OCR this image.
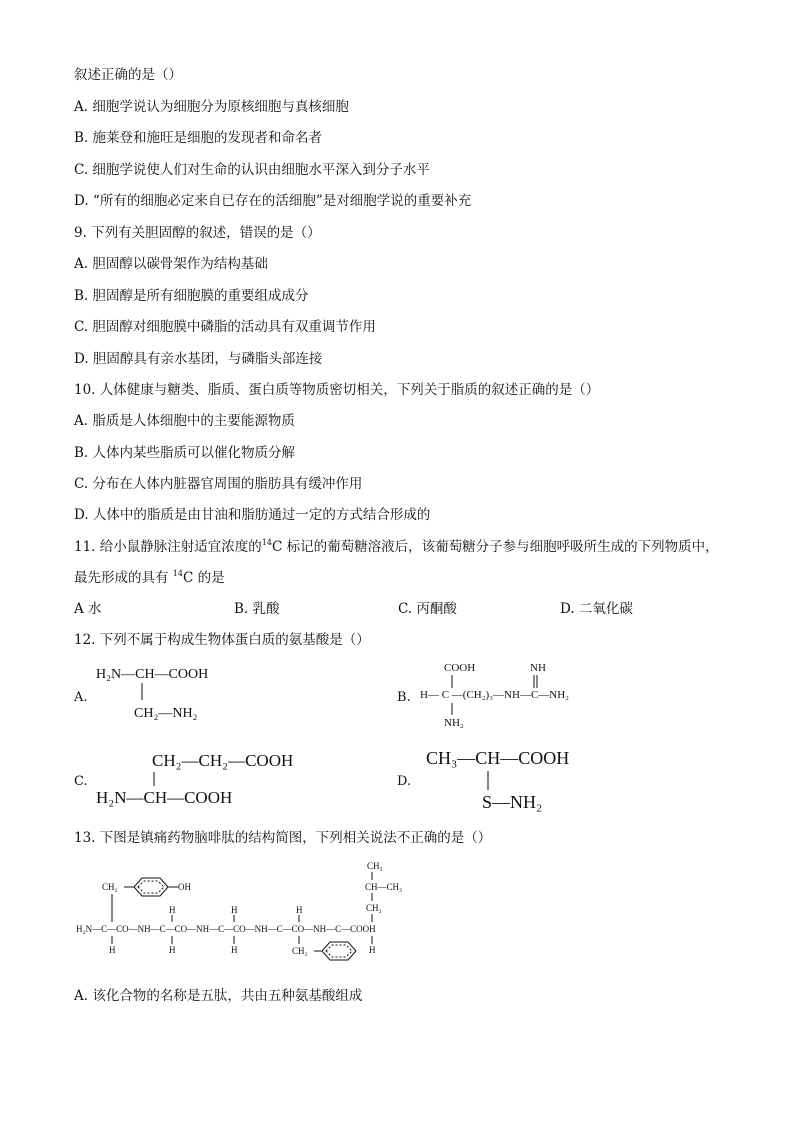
叙述正确的是（）
A. 细胞学说认为细胞分为原核细胞与真核细胞
B. 施莱登和施旺是细胞的发现者和命名者
C. 细胞学说使人们对生命的认识由细胞水平深入到分子水平
D. “所有的细胞必定来自已存在的活细胞”是对细胞学说的重要补充
9. 下列有关胆固醇的叙述，错误的是（）
A. 胆固醇以碳骨架作为结构基础
B. 胆固醇是所有细胞膜的重要组成成分
C. 胆固醇对细胞膜中磷脂的活动具有双重调节作用
D. 胆固醇具有亲水基团，与磷脂头部连接
10. 人体健康与糖类、脂质、蛋白质等物质密切相关，下列关于脂质的叙述正确的是（）
A. 脂质是人体细胞中的主要能源物质
B. 人体内某些脂质可以催化物质分解
C. 分布在人体内脏器官周围的脂肪具有缓冲作用
D. 人体中的脂质是由甘油和脂肪通过一定的方式结合形成的
11. 给小鼠静脉注射适宜浓度的$^{14}$C 标记的葡萄糖溶液后，该葡萄糖分子参与细胞呼吸所生成的下列物质中，
最先形成的具有 $^{14}$C 的是
A 水	B. 乳酸	C. 丙酮酸	D. 二氧化碳
12. 下列不属于构成生物体蛋白质的氨基酸是（）
A.
H₂N—CH—COOH
CH₂—NH₂
B.
COOH	NH
H— C —(CH₂)₃—NH—C—NH₂
NH₂
C.
CH₂—CH₂—COOH
H₂N—CH—COOH
D.
CH₃—CH—COOH
S—NH₂
13. 下图是镇痛药物脑啡肽的结构简图，下列相关说法不正确的是（）
CH₂	OH
CH₃
CH—CH₃
CH₂
H	H	H
H₂N—C—CO—NH—C—CO—NH—C—CO—NH—C—CO—NH—C—COOH
H	H	H	H
CH₂
A. 该化合物的名称是五肽，共由五种氨基酸组成
